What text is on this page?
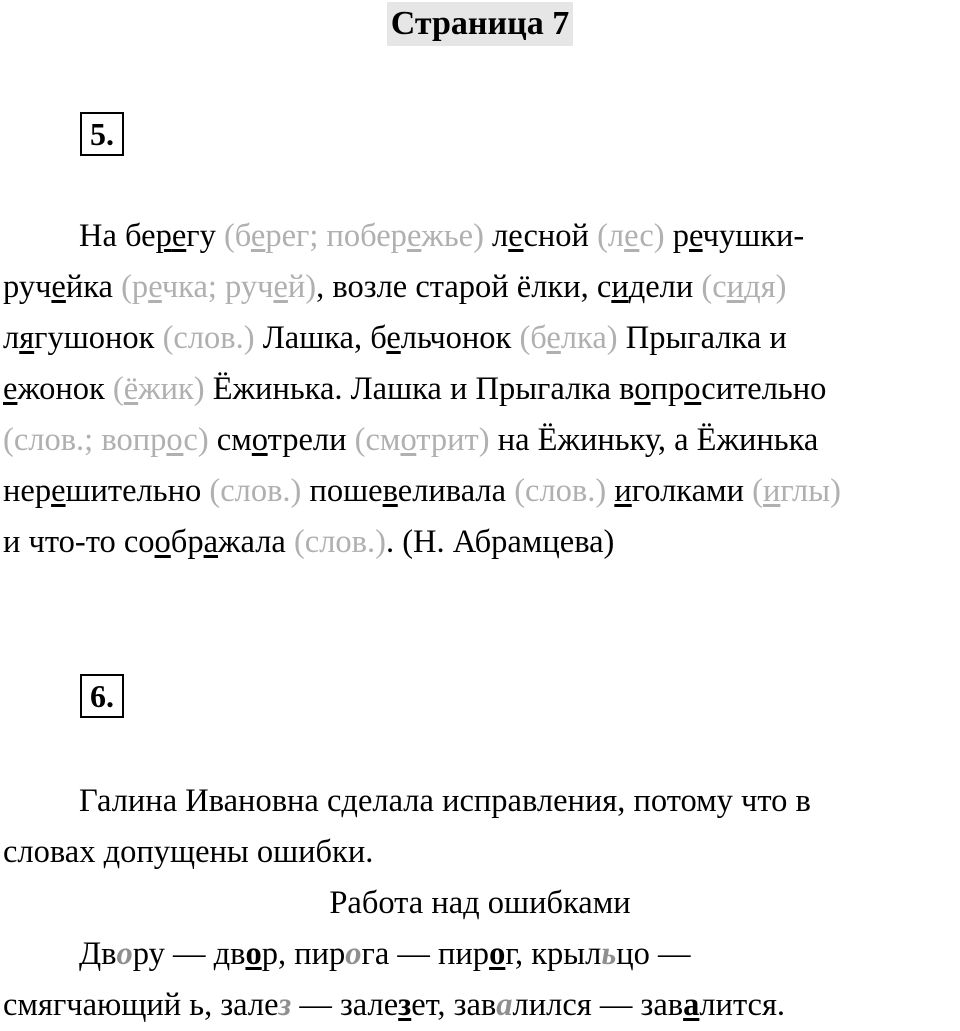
Страница 7
5.
На берегу (берег; побережье) лесной (лес) речушки-
ручейка (речка; ручей), возле старой ёлки, сидели (сидя)
лягушонок (слов.) Лашка, бельчонок (белка) Прыгалка и
ежонок (ёжик) Ёжинька. Лашка и Прыгалка вопросительно
(слов.; вопрос) смотрели (смотрит) на Ёжиньку, а Ёжинька
нерешительно (слов.) пошевеливала (слов.) иголками (иглы)
и что-то соображала (слов.). (Н. Абрамцева)
6.
Галина Ивановна сделала исправления, потому что в
словах допущены ошибки.
Работа над ошибками
Двору — двор, пирога — пирог, крыльцо —
смягчающий ь, залез — залезет, завалился — завалится.
